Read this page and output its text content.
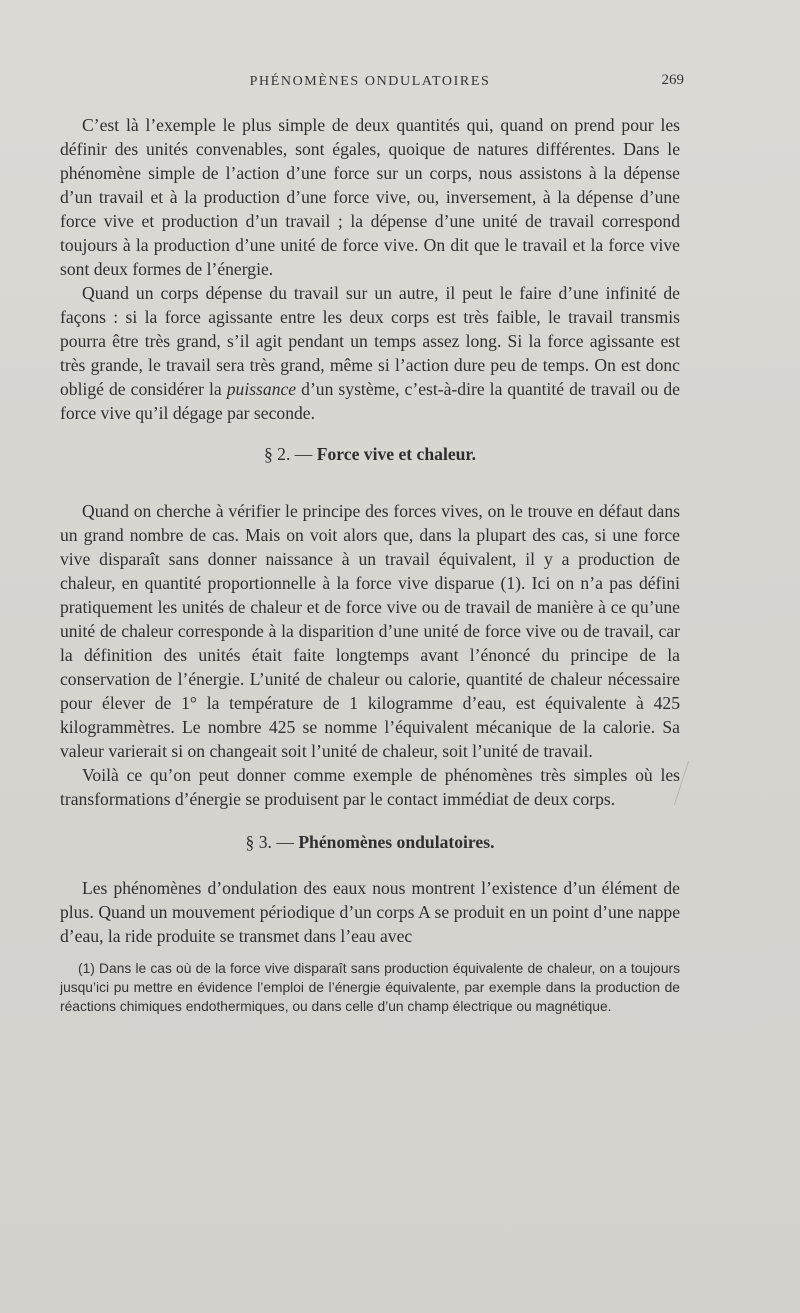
PHÉNOMÈNES ONDULATOIRES	269

C’est là l’exemple le plus simple de deux quantités qui, quand on prend pour les définir des unités convenables, sont égales, quoique de natures différentes. Dans le phénomène simple de l’action d’une force sur un corps, nous assistons à la dépense d’un travail et à la production d’une force vive, ou, inversement, à la dépense d’une force vive et production d’un travail ; la dépense d’une unité de travail correspond toujours à la production d’une unité de force vive. On dit que le travail et la force vive sont deux formes de l’énergie.

Quand un corps dépense du travail sur un autre, il peut le faire d’une infinité de façons : si la force agissante entre les deux corps est très faible, le travail transmis pourra être très grand, s’il agit pendant un temps assez long. Si la force agissante est très grande, le travail sera très grand, même si l’action dure peu de temps. On est donc obligé de considérer la puissance d’un système, c’est-à-dire la quantité de travail ou de force vive qu’il dégage par seconde.

§ 2. — Force vive et chaleur.

Quand on cherche à vérifier le principe des forces vives, on le trouve en défaut dans un grand nombre de cas. Mais on voit alors que, dans la plupart des cas, si une force vive disparaît sans donner naissance à un travail équivalent, il y a production de chaleur, en quantité proportionnelle à la force vive disparue (1). Ici on n’a pas défini pratiquement les unités de chaleur et de force vive ou de travail de manière à ce qu’une unité de chaleur corresponde à la disparition d’une unité de force vive ou de travail, car la définition des unités était faite longtemps avant l’énoncé du principe de la conservation de l’énergie. L’unité de chaleur ou calorie, quantité de chaleur nécessaire pour élever de 1° la température de 1 kilogramme d’eau, est équivalente à 425 kilogrammètres. Le nombre 425 se nomme l’équivalent mécanique de la calorie. Sa valeur varierait si on changeait soit l’unité de chaleur, soit l’unité de travail.

Voilà ce qu’on peut donner comme exemple de phénomènes très simples où les transformations d’énergie se produisent par le contact immédiat de deux corps.

§ 3. — Phénomènes ondulatoires.

Les phénomènes d’ondulation des eaux nous montrent l’existence d’un élément de plus. Quand un mouvement périodique d’un corps A se produit en un point d’une nappe d’eau, la ride produite se transmet dans l’eau avec

(1) Dans le cas où de la force vive disparaît sans production équivalente de chaleur, on a toujours jusqu’ici pu mettre en évidence l’emploi de l’énergie équivalente, par exemple dans la production de réactions chimiques endothermiques, ou dans celle d’un champ électrique ou magnétique.
